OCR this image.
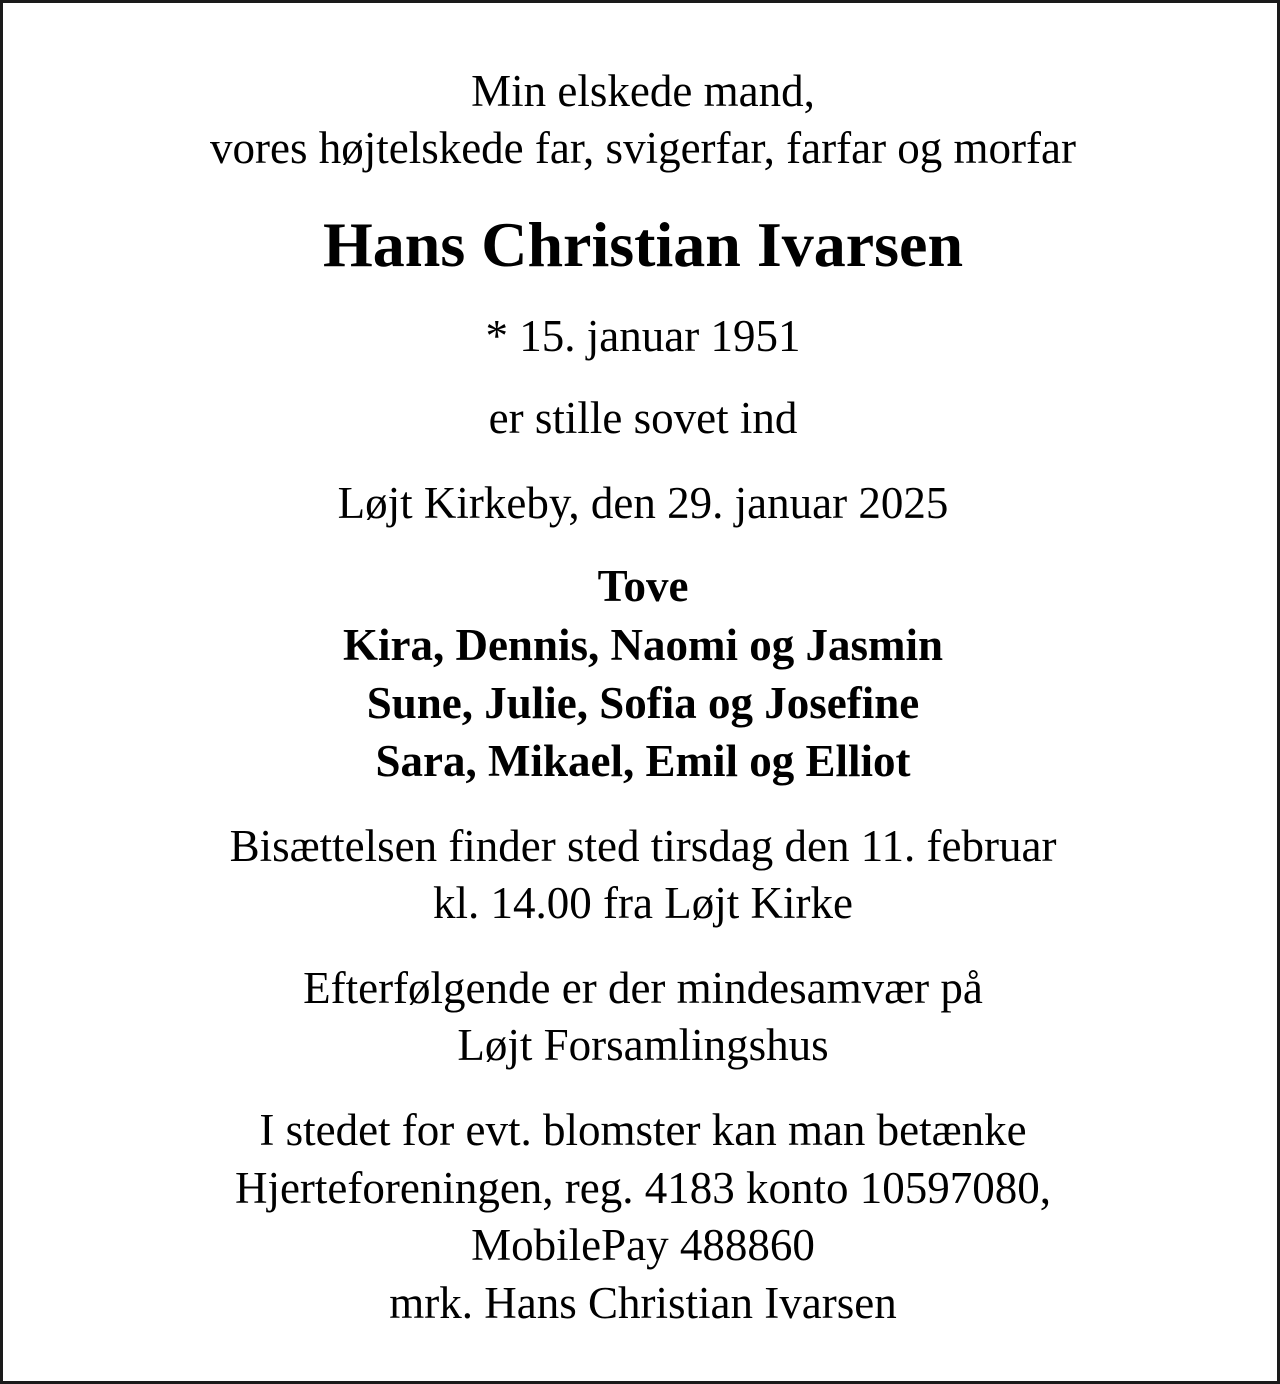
Min elskede mand,
vores højtelskede far, svigerfar, farfar og morfar
Hans Christian Ivarsen
* 15. januar 1951
er stille sovet ind
Løjt Kirkeby, den 29. januar 2025
Tove
Kira, Dennis, Naomi og Jasmin
Sune, Julie, Sofia og Josefine
Sara, Mikael, Emil og Elliot
Bisættelsen finder sted tirsdag den 11. februar
kl. 14.00 fra Løjt Kirke
Efterfølgende er der mindesamvær på
Løjt Forsamlingshus
I stedet for evt. blomster kan man betænke
Hjerteforeningen, reg. 4183 konto 10597080,
MobilePay 488860
mrk. Hans Christian Ivarsen
